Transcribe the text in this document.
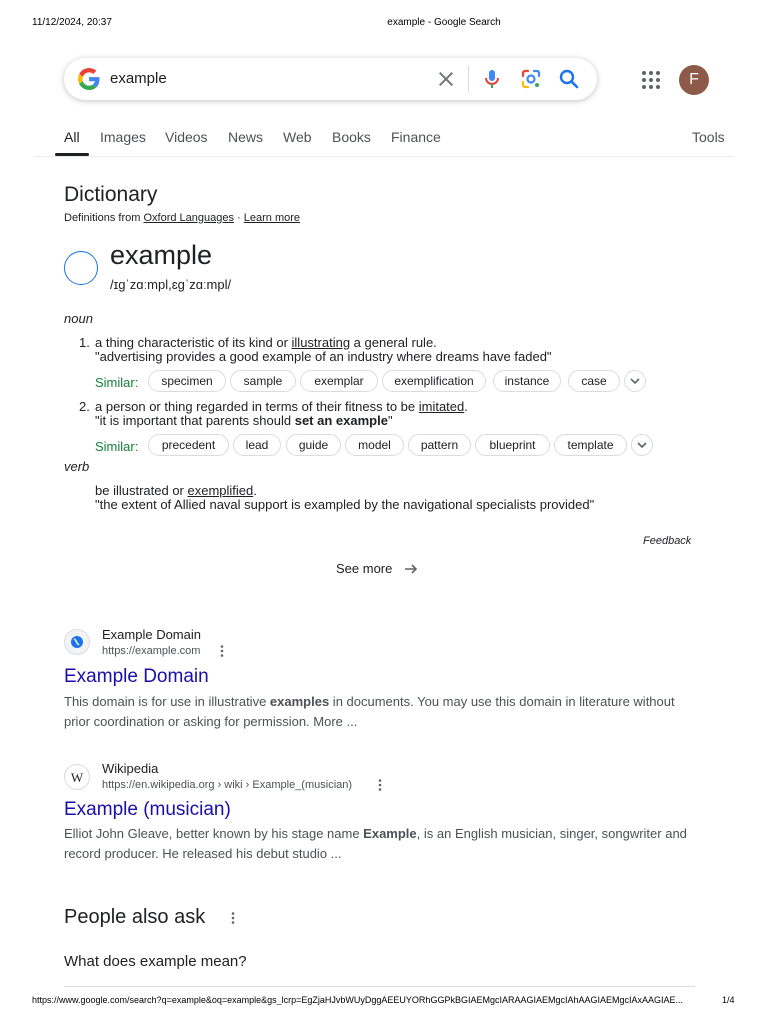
11/12/2024, 20:37	example - Google Search
example	F
All Images Videos News Web Books Finance	Tools
Dictionary
Definitions from Oxford Languages · Learn more
example
/ɪɡˈzɑːmpl,ɛɡˈzɑːmpl/
noun
1. a thing characteristic of its kind or illustrating a general rule.
"advertising provides a good example of an industry where dreams have faded"
Similar:	specimen	sample	exemplar	exemplification	instance	case
2. a person or thing regarded in terms of their fitness to be imitated.
"it is important that parents should set an example"
Similar:	precedent	lead	guide	model	pattern	blueprint	template
verb
be illustrated or exemplified.
"the extent of Allied naval support is exampled by the navigational specialists provided"
Feedback
See more
Example Domain
https://example.com
Example Domain
This domain is for use in illustrative examples in documents. You may use this domain in literature without prior coordination or asking for permission. More ...
W
Wikipedia
https://en.wikipedia.org › wiki › Example_(musician)
Example (musician)
Elliot John Gleave, better known by his stage name Example, is an English musician, singer, songwriter and record producer. He released his debut studio ...
People also ask
What does example mean?
https://www.google.com/search?q=example&oq=example&gs_lcrp=EgZjaHJvbWUyDggAEEUYORhGGPkBGIAEMgcIARAAGIAEMgcIAhAAGIAEMgcIAxAAGIAE...	1/4
